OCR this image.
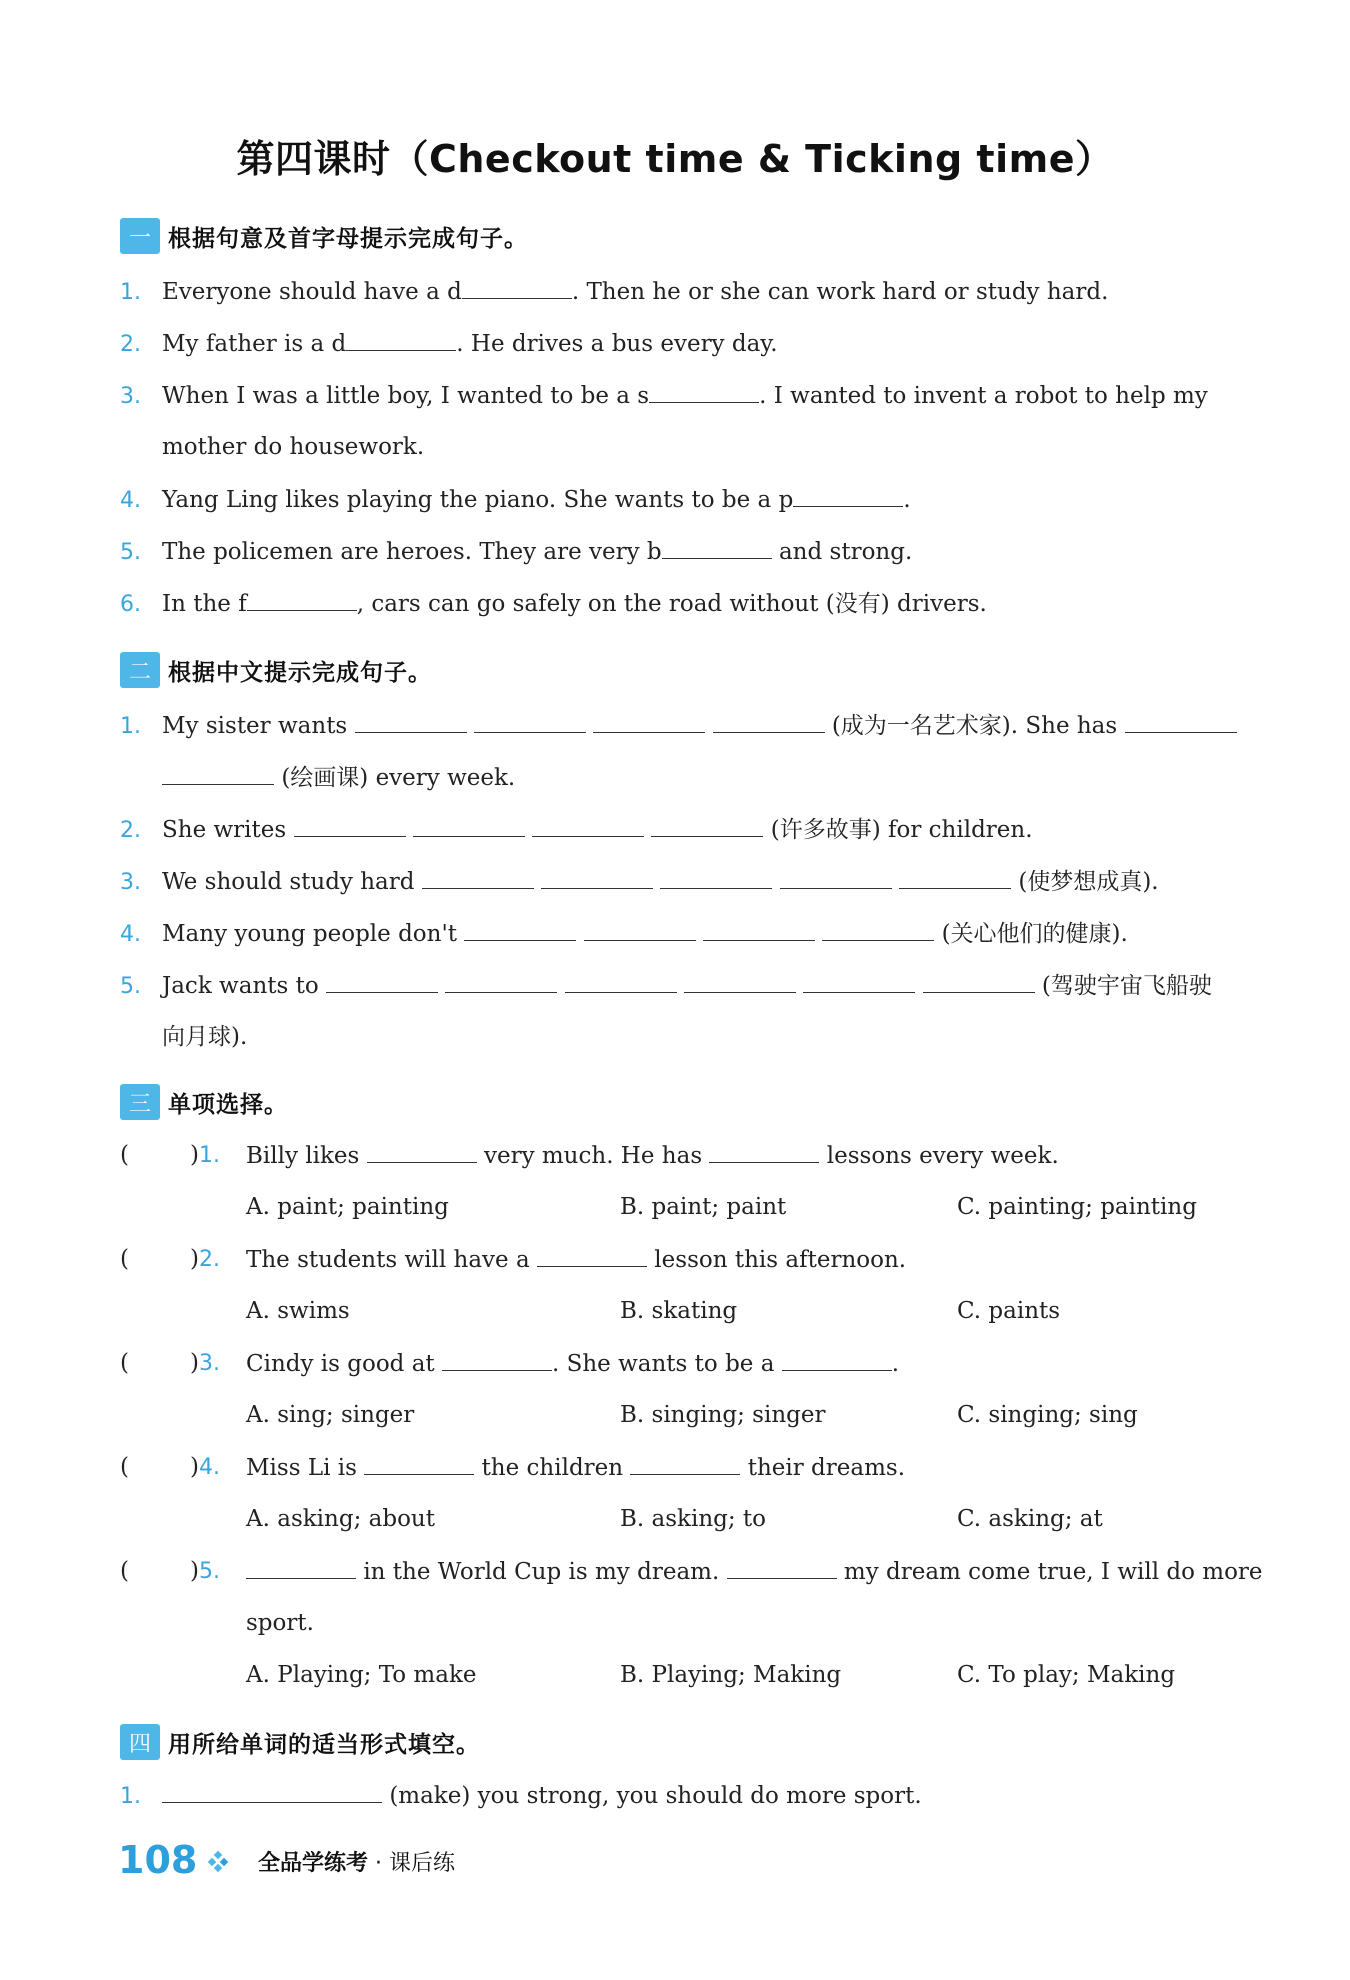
第四课时（Checkout time & Ticking time）
一 根据句意及首字母提示完成句子。
1. Everyone should have a d	. Then he or she can work hard or study hard.
2. My father is a d	. He drives a bus every day.
3. When I was a little boy, I wanted to be a s	. I wanted to invent a robot to help my
mother do housework.
4. Yang Ling likes playing the piano. She wants to be a p	.
5. The policemen are heroes. They are very b	and strong.
6. In the f	, cars can go safely on the road without (没有) drivers.
二 根据中文提示完成句子。
1. My sister wants	(成为一名艺术家). She has
(绘画课) every week.
2. She writes	(许多故事) for children.
3. We should study hard	(使梦想成真).
4. Many young people don't	(关心他们的健康).
5. Jack wants to	(驾驶宇宙飞船驶
向月球).
三 单项选择。
(	)1. Billy likes	very much. He has	lessons every week.
A. paint; painting	B. paint; paint	C. painting; painting
(	)2. The students will have a	lesson this afternoon.
A. swims	B. skating	C. paints
(	)3. Cindy is good at	. She wants to be a	.
A. sing; singer	B. singing; singer	C. singing; sing
(	)4. Miss Li is	the children	their dreams.
A. asking; about	B. asking; to	C. asking; at
(	)5.	in the World Cup is my dream.	my dream come true, I will do more
sport.
A. Playing; To make	B. Playing; Making	C. To play; Making
四 用所给单词的适当形式填空。
1.	(make) you strong, you should do more sport.
108	全品学练考 · 课后练
